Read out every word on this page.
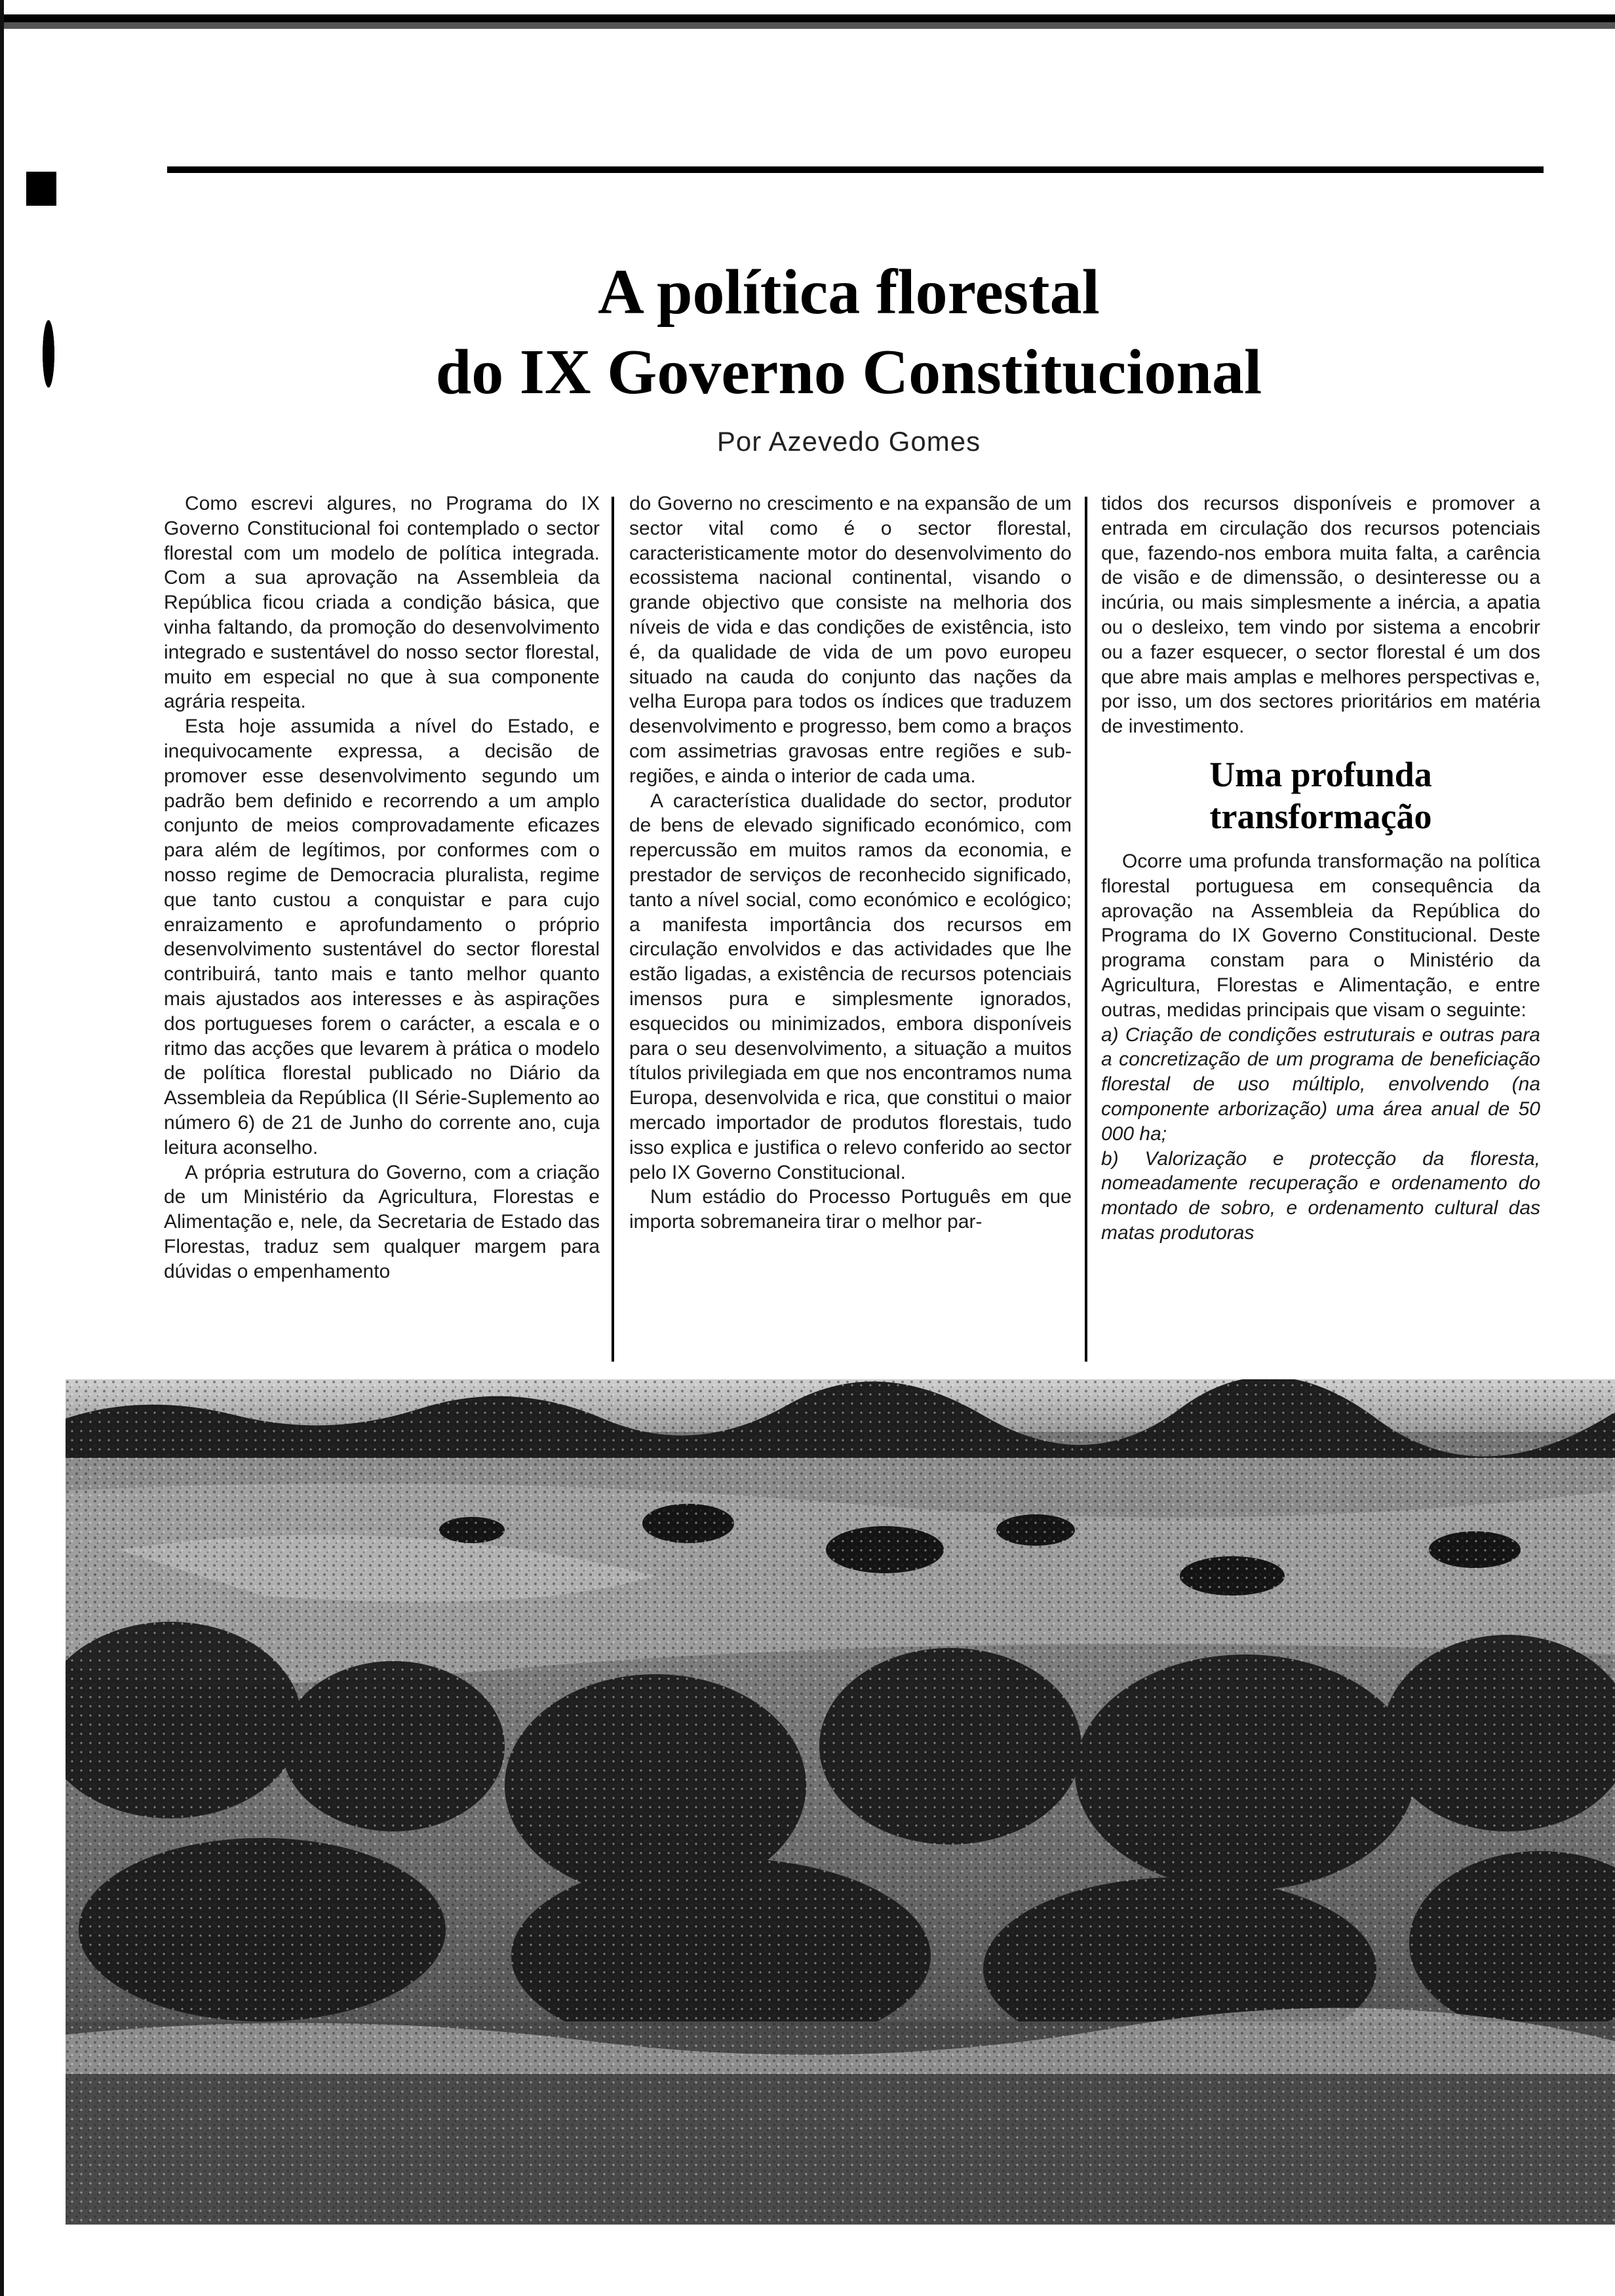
A política florestal
do IX Governo Constitucional

Por Azevedo Gomes

Como escrevi algures, no Programa do IX Governo Constitucional foi contemplado o sector florestal com um modelo de política integrada. Com a sua aprovação na Assembleia da República ficou criada a condição básica, que vinha faltando, da promoção do desenvolvimento integrado e sustentável do nosso sector florestal, muito em especial no que à sua componente agrária respeita.

Esta hoje assumida a nível do Estado, e inequivocamente expressa, a decisão de promover esse desenvolvimento segundo um padrão bem definido e recorrendo a um amplo conjunto de meios comprovadamente eficazes para além de legítimos, por conformes com o nosso regime de Democracia pluralista, regime que tanto custou a conquistar e para cujo enraizamento e aprofundamento o próprio desenvolvimento sustentável do sector florestal contribuirá, tanto mais e tanto melhor quanto mais ajustados aos interesses e às aspirações dos portugueses forem o carácter, a escala e o ritmo das acções que levarem à prática o modelo de política florestal publicado no Diário da Assembleia da República (II Série-Suplemento ao número 6) de 21 de Junho do corrente ano, cuja leitura aconselho.

A própria estrutura do Governo, com a criação de um Ministério da Agricultura, Florestas e Alimentação e, nele, da Secretaria de Estado das Florestas, traduz sem qualquer margem para dúvidas o empenhamento

do Governo no crescimento e na expansão de um sector vital como é o sector florestal, caracteristicamente motor do desenvolvimento do ecossistema nacional continental, visando o grande objectivo que consiste na melhoria dos níveis de vida e das condições de existência, isto é, da qualidade de vida de um povo europeu situado na cauda do conjunto das nações da velha Europa para todos os índices que traduzem desenvolvimento e progresso, bem como a braços com assimetrias gravosas entre regiões e sub-regiões, e ainda o interior de cada uma.

A característica dualidade do sector, produtor de bens de elevado significado económico, com repercussão em muitos ramos da economia, e prestador de serviços de reconhecido significado, tanto a nível social, como económico e ecológico; a manifesta importância dos recursos em circulação envolvidos e das actividades que lhe estão ligadas, a existência de recursos potenciais imensos pura e simplesmente ignorados, esquecidos ou minimizados, embora disponíveis para o seu desenvolvimento, a situação a muitos títulos privilegiada em que nos encontramos numa Europa, desenvolvida e rica, que constitui o maior mercado importador de produtos florestais, tudo isso explica e justifica o relevo conferido ao sector pelo IX Governo Constitucional.

Num estádio do Processo Português em que importa sobremaneira tirar o melhor par-

tidos dos recursos disponíveis e promover a entrada em circulação dos recursos potenciais que, fazendo-nos embora muita falta, a carência de visão e de dimenssão, o desinteresse ou a incúria, ou mais simplesmente a inércia, a apatia ou o desleixo, tem vindo por sistema a encobrir ou a fazer esquecer, o sector florestal é um dos que abre mais amplas e melhores perspectivas e, por isso, um dos sectores prioritários em matéria de investimento.

Uma profunda
transformação

Ocorre uma profunda transformação na política florestal portuguesa em consequência da aprovação na Assembleia da República do Programa do IX Governo Constitucional. Deste programa constam para o Ministério da Agricultura, Florestas e Alimentação, e entre outras, medidas principais que visam o seguinte:

a) Criação de condições estruturais e outras para a concretização de um programa de beneficiação florestal de uso múltiplo, envolvendo (na componente arborização) uma área anual de 50 000 ha;

b) Valorização e protecção da floresta, nomeadamente recuperação e ordenamento do montado de sobro, e ordenamento cultural das matas produtoras
